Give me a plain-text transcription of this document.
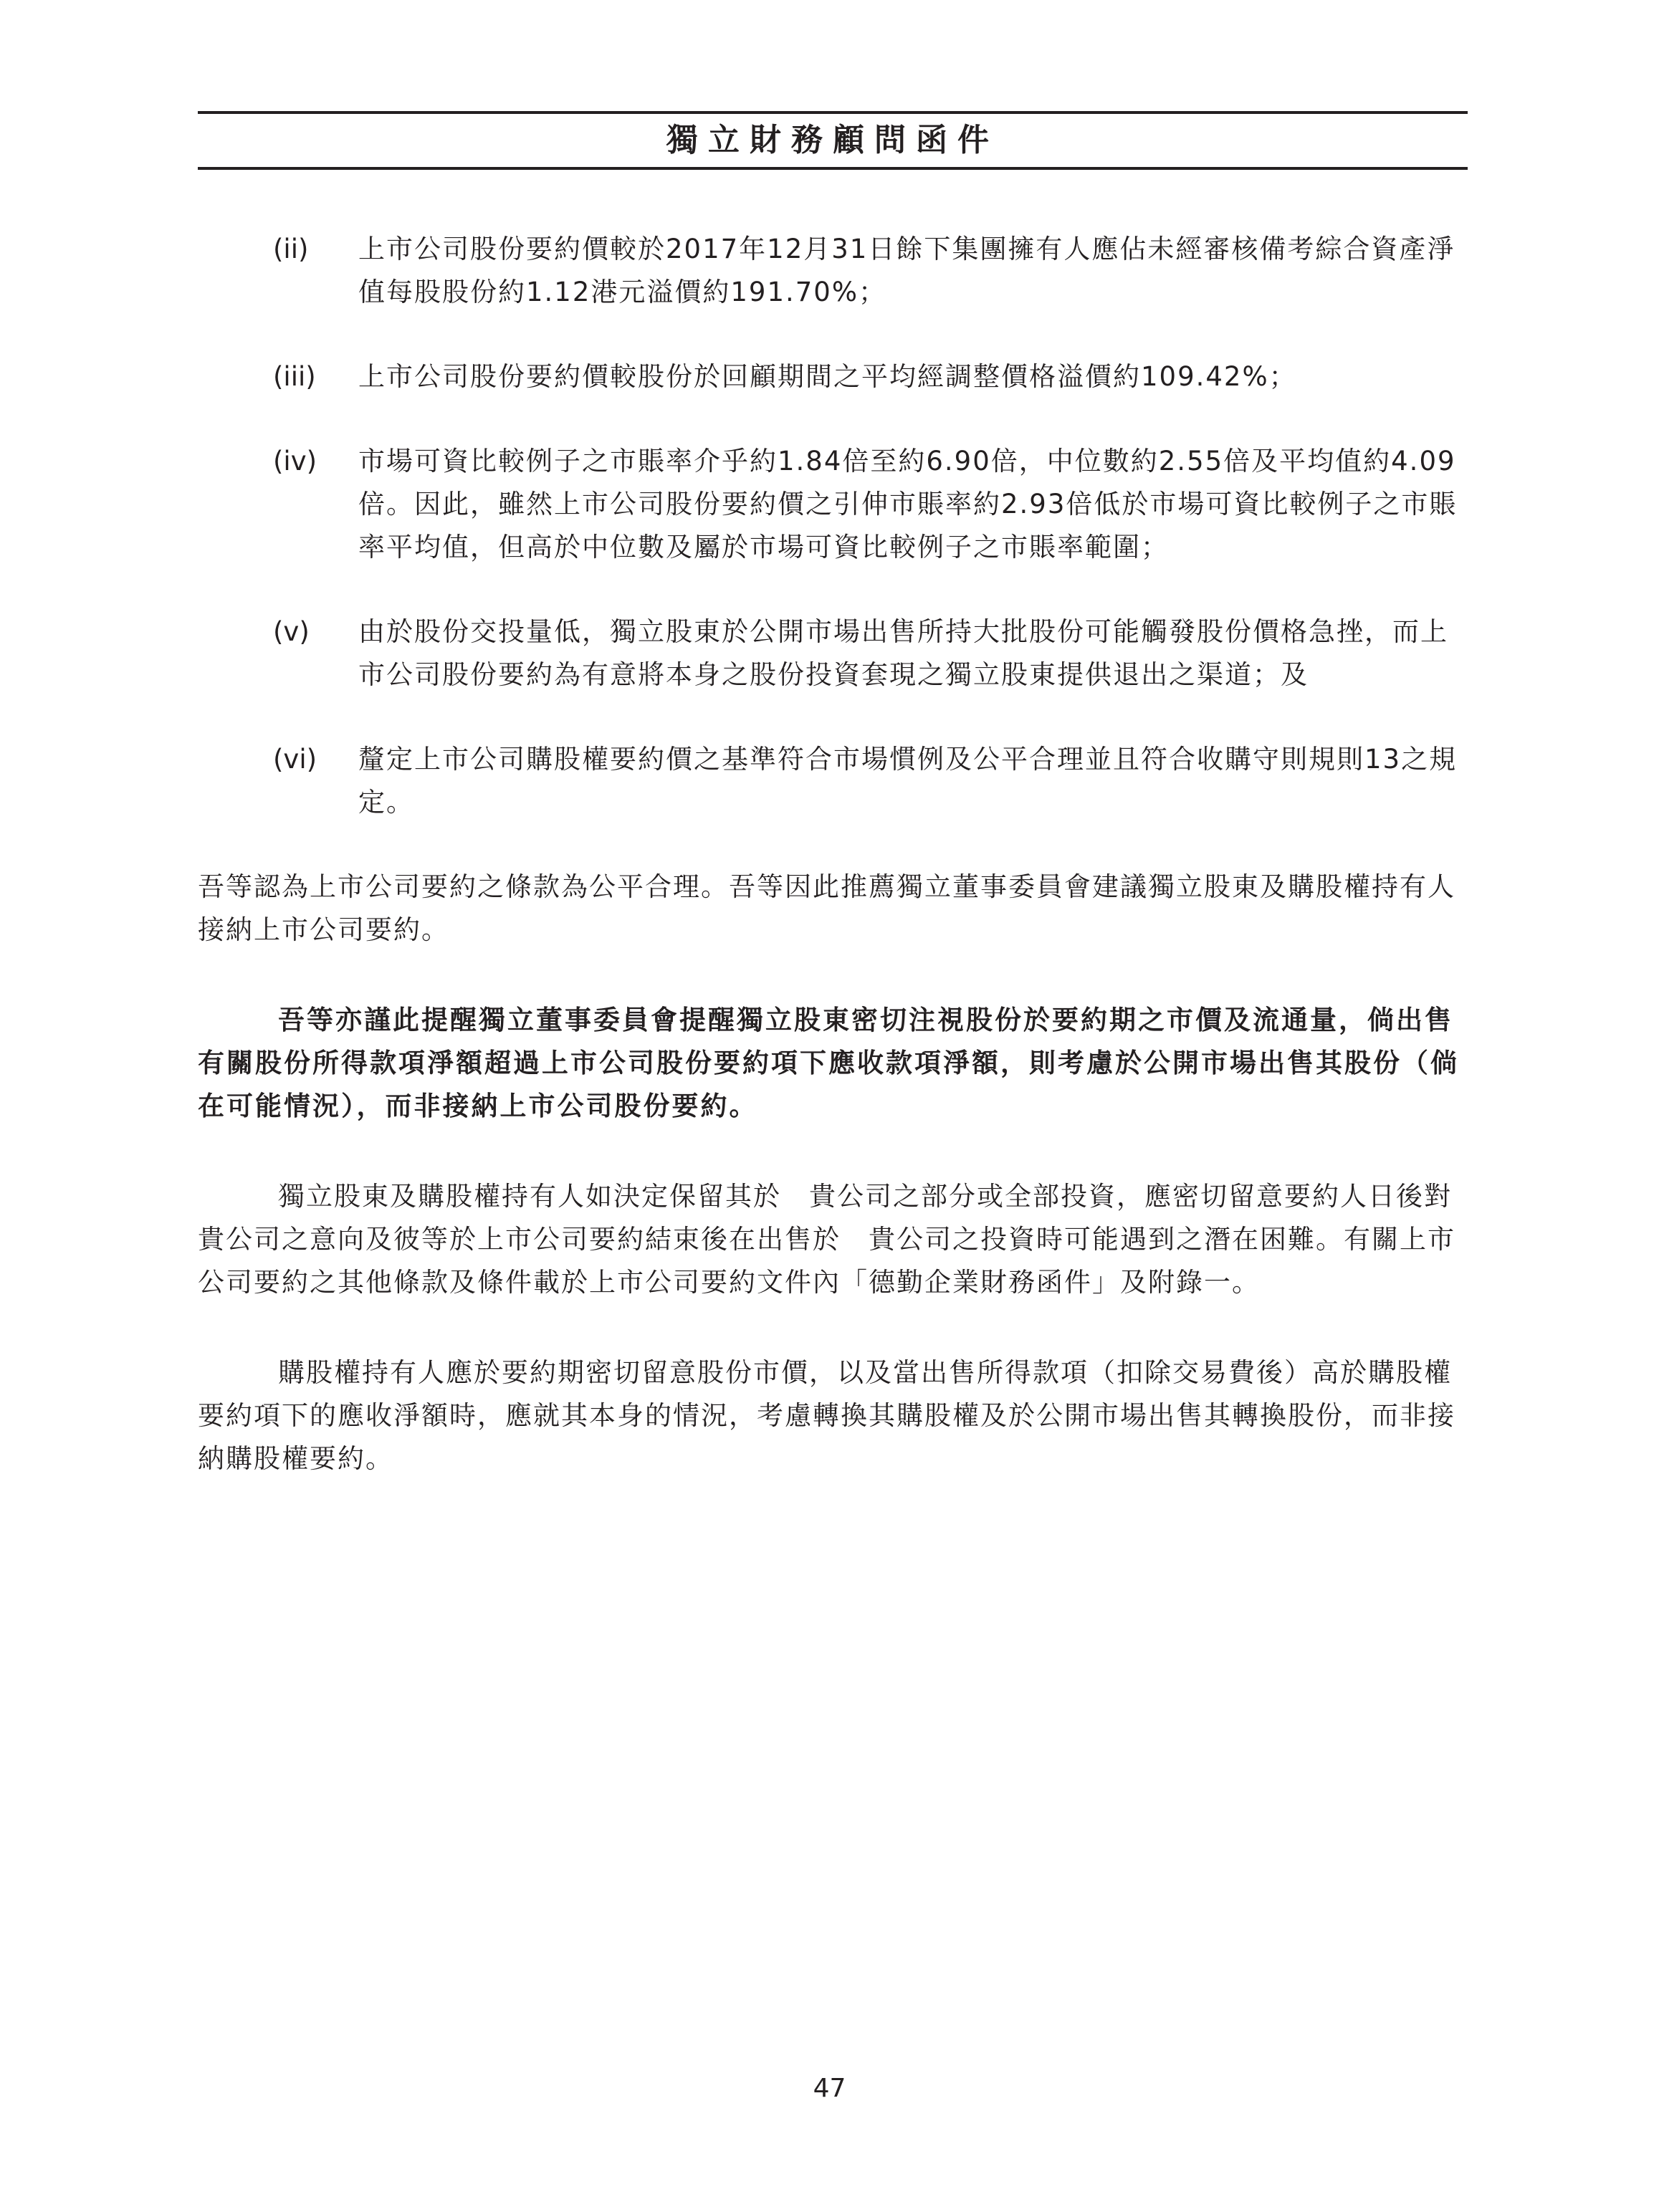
獨立財務顧問函件
(ii) 上市公司股份要約價較於2017年12月31日餘下集團擁有人應佔未經審核備考綜合資產淨值每股股份約1.12港元溢價約191.70%；
(iii) 上市公司股份要約價較股份於回顧期間之平均經調整價格溢價約109.42%；
(iv) 市場可資比較例子之市賬率介乎約1.84倍至約6.90倍，中位數約2.55倍及平均值約4.09倍。因此，雖然上市公司股份要約價之引伸市賬率約2.93倍低於市場可資比較例子之市賬率平均值，但高於中位數及屬於市場可資比較例子之市賬率範圍；
(v) 由於股份交投量低，獨立股東於公開市場出售所持大批股份可能觸發股份價格急挫，而上市公司股份要約為有意將本身之股份投資套現之獨立股東提供退出之渠道；及
(vi) 釐定上市公司購股權要約價之基準符合市場慣例及公平合理並且符合收購守則規則13之規定。

吾等認為上市公司要約之條款為公平合理。吾等因此推薦獨立董事委員會建議獨立股東及購股權持有人接納上市公司要約。

吾等亦謹此提醒獨立董事委員會提醒獨立股東密切注視股份於要約期之市價及流通量，倘出售有關股份所得款項淨額超過上市公司股份要約項下應收款項淨額，則考慮於公開市場出售其股份（倘在可能情況），而非接納上市公司股份要約。

獨立股東及購股權持有人如決定保留其於　貴公司之部分或全部投資，應密切留意要約人日後對　貴公司之意向及彼等於上市公司要約結束後在出售於　貴公司之投資時可能遇到之潛在困難。有關上市公司要約之其他條款及條件載於上市公司要約文件內「德勤企業財務函件」及附錄一。

購股權持有人應於要約期密切留意股份市價，以及當出售所得款項（扣除交易費後）高於購股權要約項下的應收淨額時，應就其本身的情況，考慮轉換其購股權及於公開市場出售其轉換股份，而非接納購股權要約。

47
